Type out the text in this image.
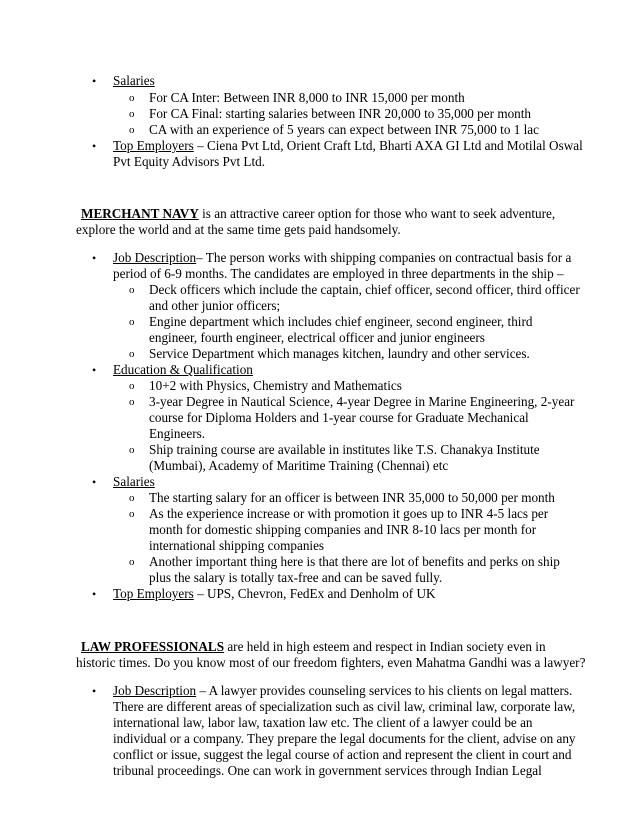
• Salaries
o For CA Inter: Between INR 8,000 to INR 15,000 per month
o For CA Final: starting salaries between INR 20,000 to 35,000 per month
o CA with an experience of 5 years can expect between INR 75,000 to 1 lac
• Top Employers – Ciena Pvt Ltd, Orient Craft Ltd, Bharti AXA GI Ltd and Motilal Oswal
Pvt Equity Advisors Pvt Ltd.
MERCHANT NAVY is an attractive career option for those who want to seek adventure,
explore the world and at the same time gets paid handsomely.
• Job Description– The person works with shipping companies on contractual basis for a
period of 6-9 months. The candidates are employed in three departments in the ship –
o Deck officers which include the captain, chief officer, second officer, third officer
and other junior officers;
o Engine department which includes chief engineer, second engineer, third
engineer, fourth engineer, electrical officer and junior engineers
o Service Department which manages kitchen, laundry and other services.
• Education & Qualification
o 10+2 with Physics, Chemistry and Mathematics
o 3-year Degree in Nautical Science, 4-year Degree in Marine Engineering, 2-year
course for Diploma Holders and 1-year course for Graduate Mechanical
Engineers.
o Ship training course are available in institutes like T.S. Chanakya Institute
(Mumbai), Academy of Maritime Training (Chennai) etc
• Salaries
o The starting salary for an officer is between INR 35,000 to 50,000 per month
o As the experience increase or with promotion it goes up to INR 4-5 lacs per
month for domestic shipping companies and INR 8-10 lacs per month for
international shipping companies
o Another important thing here is that there are lot of benefits and perks on ship
plus the salary is totally tax-free and can be saved fully.
• Top Employers – UPS, Chevron, FedEx and Denholm of UK
LAW PROFESSIONALS are held in high esteem and respect in Indian society even in
historic times. Do you know most of our freedom fighters, even Mahatma Gandhi was a lawyer?
• Job Description – A lawyer provides counseling services to his clients on legal matters.
There are different areas of specialization such as civil law, criminal law, corporate law,
international law, labor law, taxation law etc. The client of a lawyer could be an
individual or a company. They prepare the legal documents for the client, advise on any
conflict or issue, suggest the legal course of action and represent the client in court and
tribunal proceedings. One can work in government services through Indian Legal
